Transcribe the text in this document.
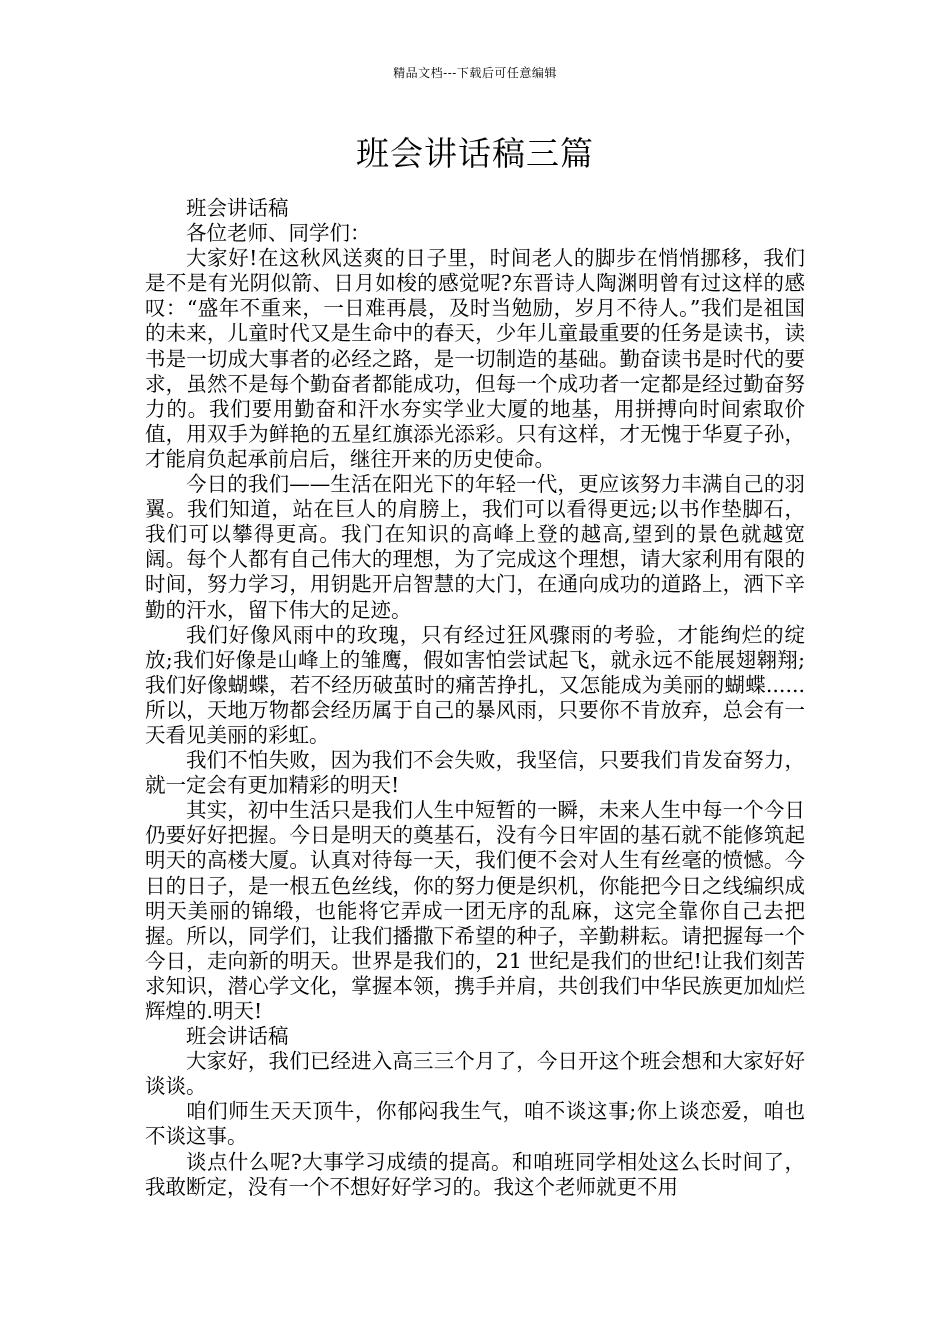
精品文档---下载后可任意编辑
班会讲话稿三篇

班会讲话稿

各位老师、同学们：

大家好!在这秋风送爽的日子里，时间老人的脚步在悄悄挪移，我们是不是有光阴似箭、日月如梭的感觉呢?东晋诗人陶渊明曾有过这样的感叹：“盛年不重来，一日难再晨，及时当勉励，岁月不待人。”我们是祖国的未来，儿童时代又是生命中的春天，少年儿童最重要的任务是读书，读书是一切成大事者的必经之路，是一切制造的基础。勤奋读书是时代的要求，虽然不是每个勤奋者都能成功，但每一个成功者一定都是经过勤奋努力的。我们要用勤奋和汗水夯实学业大厦的地基，用拼搏向时间索取价值，用双手为鲜艳的五星红旗添光添彩。只有这样，才无愧于华夏子孙，才能肩负起承前启后，继往开来的历史使命。

今日的我们——生活在阳光下的年轻一代，更应该努力丰满自己的羽翼。我们知道，站在巨人的肩膀上，我们可以看得更远;以书作垫脚石，我们可以攀得更高。我门在知识的高峰上登的越高,望到的景色就越宽阔。每个人都有自己伟大的理想，为了完成这个理想，请大家利用有限的时间，努力学习，用钥匙开启智慧的大门，在通向成功的道路上，洒下辛勤的汗水，留下伟大的足迹。

我们好像风雨中的玫瑰，只有经过狂风骤雨的考验，才能绚烂的绽放;我们好像是山峰上的雏鹰，假如害怕尝试起飞，就永远不能展翅翱翔;我们好像蝴蝶，若不经历破茧时的痛苦挣扎，又怎能成为美丽的蝴蝶......所以，天地万物都会经历属于自己的暴风雨，只要你不肯放弃，总会有一天看见美丽的彩虹。

我们不怕失败，因为我们不会失败，我坚信，只要我们肯发奋努力，就一定会有更加精彩的明天!

其实，初中生活只是我们人生中短暂的一瞬，未来人生中每一个今日仍要好好把握。今日是明天的奠基石，没有今日牢固的基石就不能修筑起明天的高楼大厦。认真对待每一天，我们便不会对人生有丝毫的愤憾。今日的日子，是一根五色丝线，你的努力便是织机，你能把今日之线编织成明天美丽的锦缎，也能将它弄成一团无序的乱麻，这完全靠你自己去把握。所以，同学们，让我们播撒下希望的种子，辛勤耕耘。请把握每一个今日，走向新的明天。世界是我们的，21 世纪是我们的世纪!让我们刻苦求知识，潜心学文化，掌握本领，携手并肩，共创我们中华民族更加灿烂辉煌的.明天!

班会讲话稿

大家好，我们已经进入高三三个月了，今日开这个班会想和大家好好谈谈。

咱们师生天天顶牛，你郁闷我生气，咱不谈这事;你上谈恋爱，咱也不谈这事。

谈点什么呢?大事学习成绩的提高。和咱班同学相处这么长时间了，我敢断定，没有一个不想好好学习的。我这个老师就更不用
